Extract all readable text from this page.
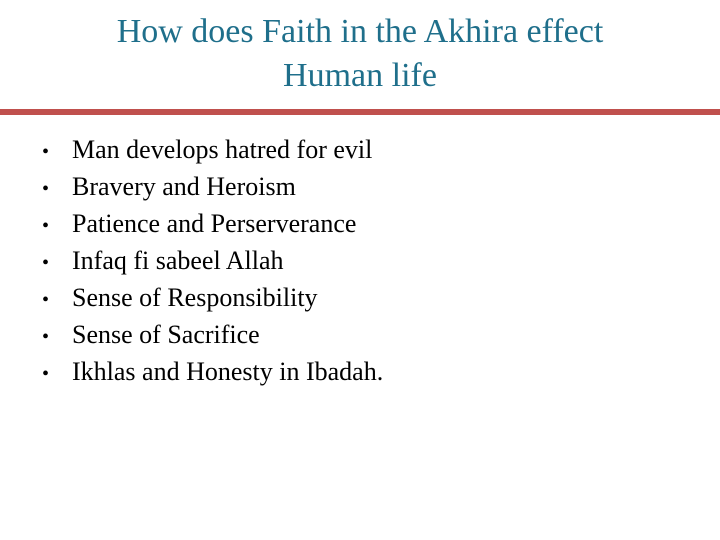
How does Faith in the Akhira effect
Human life
• Man develops hatred for evil
• Bravery and Heroism
• Patience and Perserverance
• Infaq fi sabeel Allah
• Sense of Responsibility
• Sense of Sacrifice
• Ikhlas and Honesty in Ibadah.
